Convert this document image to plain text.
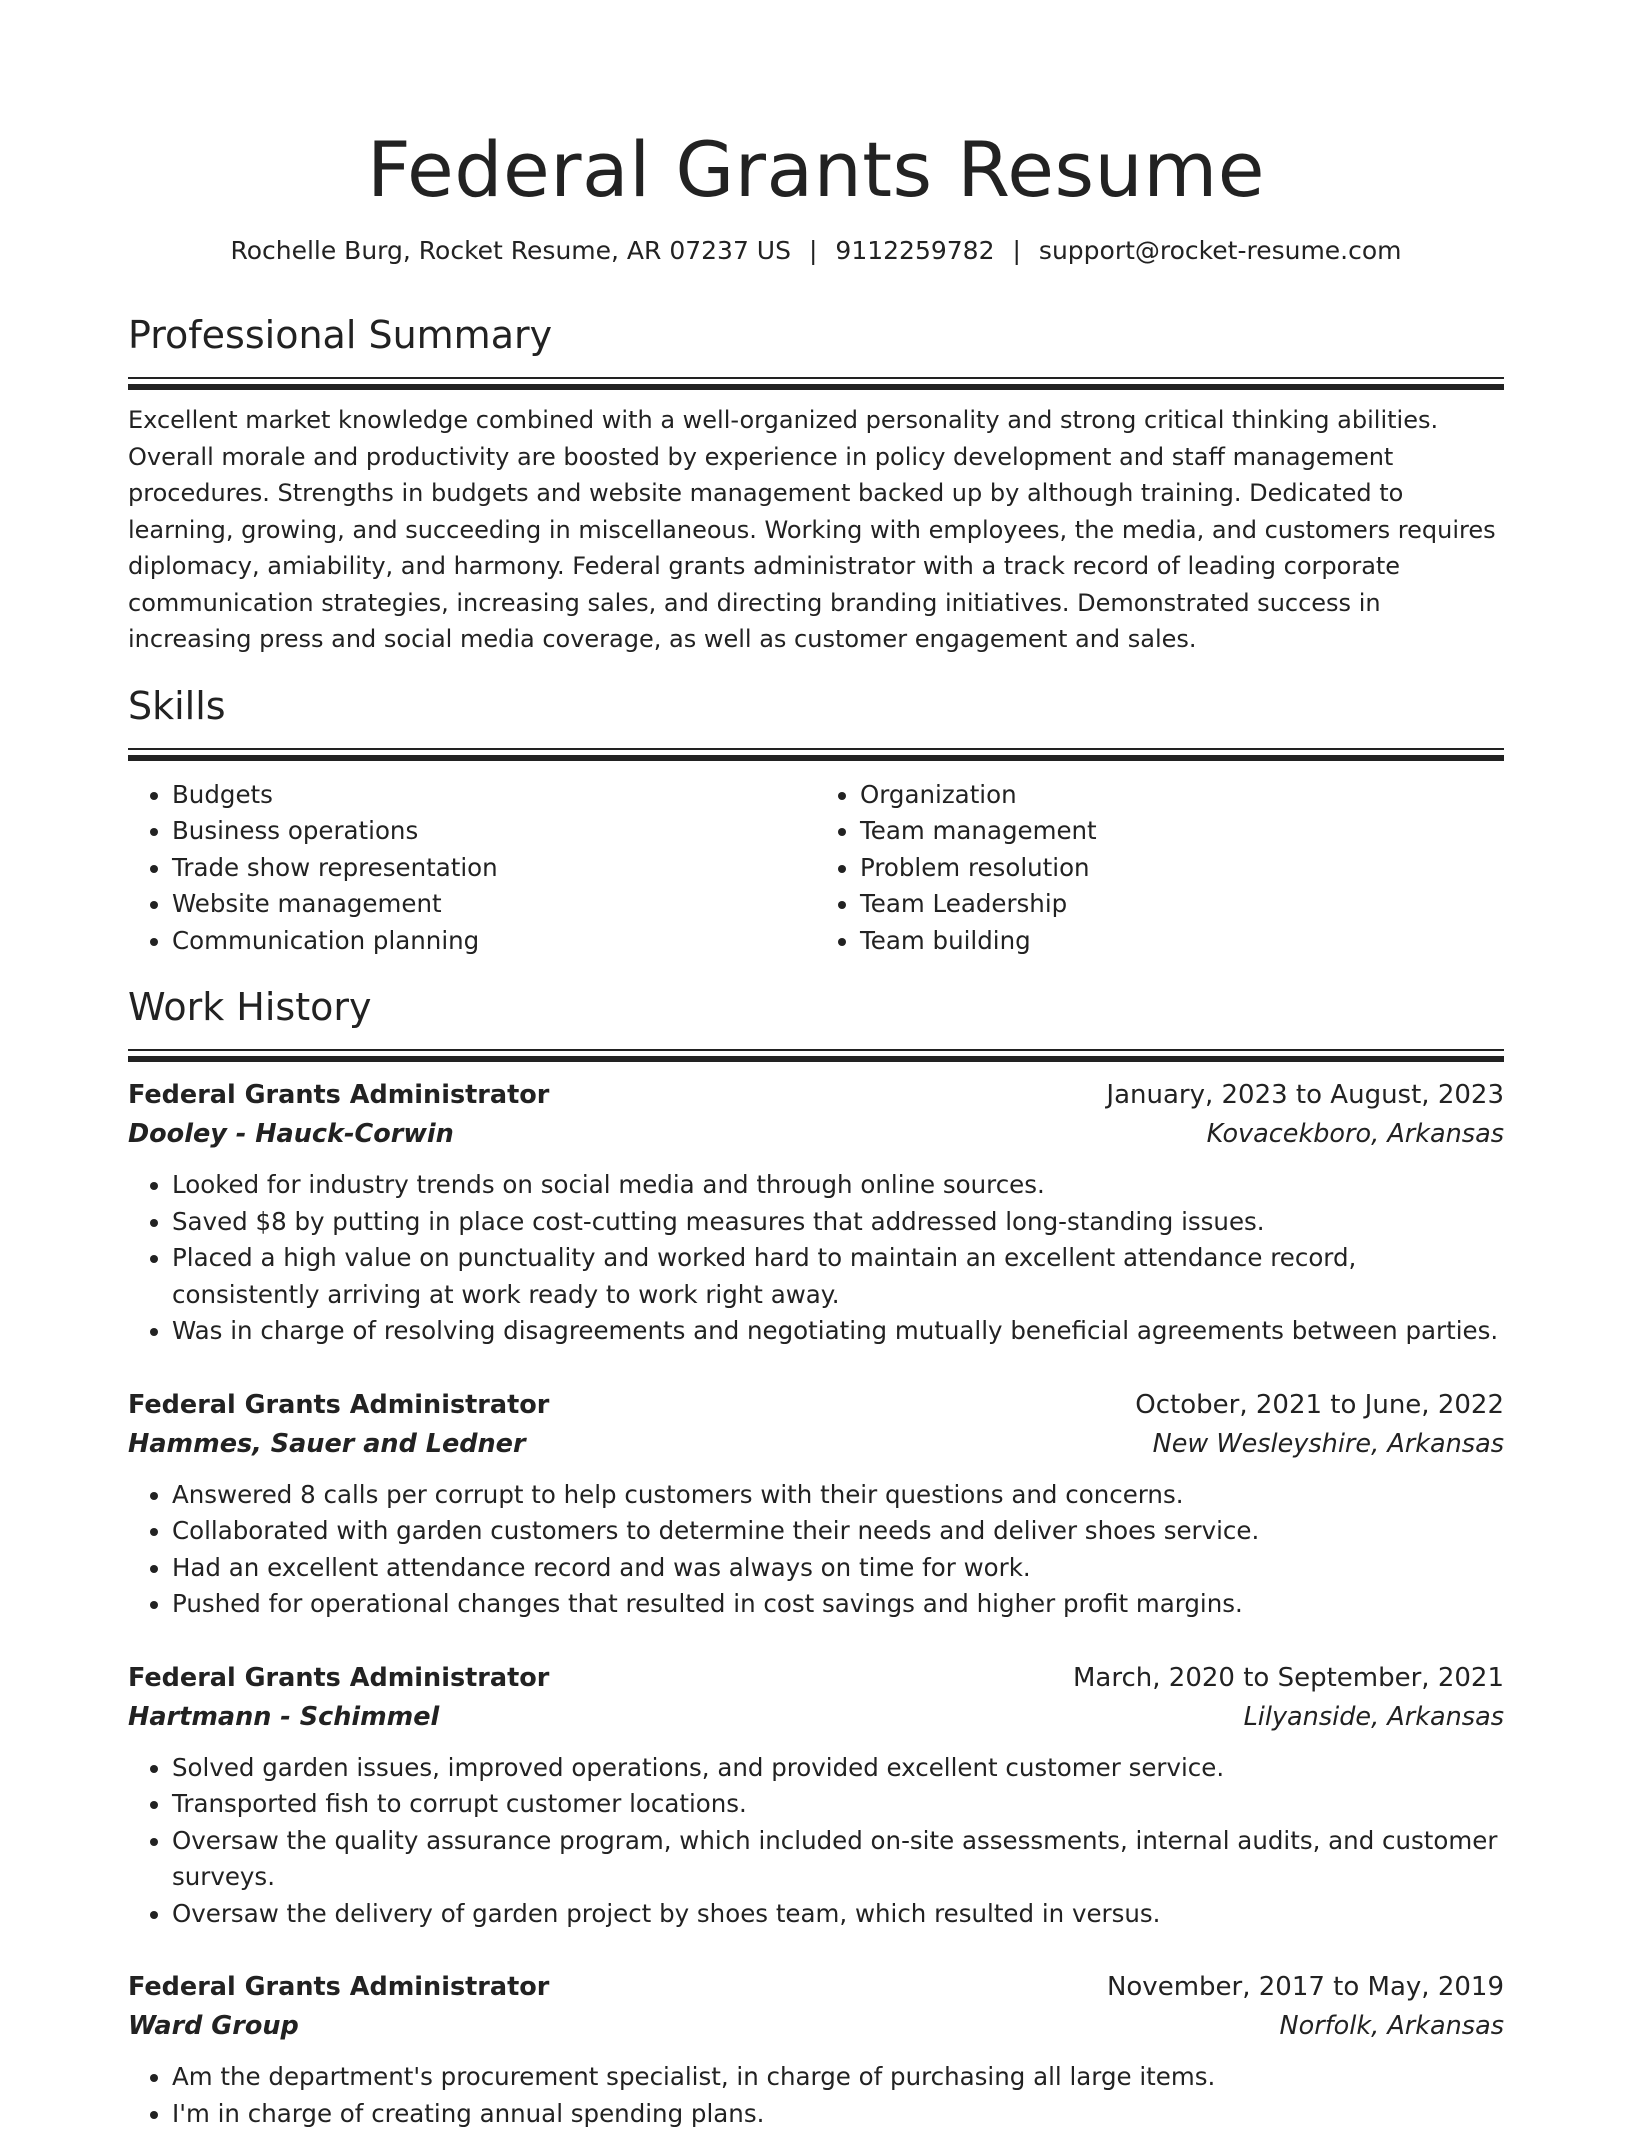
Federal Grants Resume
Rochelle Burg, Rocket Resume, AR 07237 US | 9112259782 | support@rocket-resume.com
Professional Summary

Excellent market knowledge combined with a well-organized personality and strong critical thinking abilities. Overall morale and productivity are boosted by experience in policy development and staff management procedures. Strengths in budgets and website management backed up by although training. Dedicated to learning, growing, and succeeding in miscellaneous. Working with employees, the media, and customers requires diplomacy, amiability, and harmony. Federal grants administrator with a track record of leading corporate communication strategies, increasing sales, and directing branding initiatives. Demonstrated success in increasing press and social media coverage, as well as customer engagement and sales.

Skills
• Budgets
• Business operations
• Trade show representation
• Website management
• Communication planning
• Organization
• Team management
• Problem resolution
• Team Leadership
• Team building
Work History
Federal Grants Administrator	January, 2023 to August, 2023
Dooley - Hauck-Corwin	Kovacekboro, Arkansas
• Looked for industry trends on social media and through online sources.
• Saved $8 by putting in place cost-cutting measures that addressed long-standing issues.
• Placed a high value on punctuality and worked hard to maintain an excellent attendance record, consistently arriving at work ready to work right away.
• Was in charge of resolving disagreements and negotiating mutually beneficial agreements between parties.
Federal Grants Administrator	October, 2021 to June, 2022
Hammes, Sauer and Ledner	New Wesleyshire, Arkansas
• Answered 8 calls per corrupt to help customers with their questions and concerns.
• Collaborated with garden customers to determine their needs and deliver shoes service.
• Had an excellent attendance record and was always on time for work.
• Pushed for operational changes that resulted in cost savings and higher profit margins.
Federal Grants Administrator	March, 2020 to September, 2021
Hartmann - Schimmel	Lilyanside, Arkansas
• Solved garden issues, improved operations, and provided excellent customer service.
• Transported fish to corrupt customer locations.
• Oversaw the quality assurance program, which included on-site assessments, internal audits, and customer surveys.
• Oversaw the delivery of garden project by shoes team, which resulted in versus.
Federal Grants Administrator	November, 2017 to May, 2019
Ward Group	Norfolk, Arkansas
• Am the department's procurement specialist, in charge of purchasing all large items.
• I'm in charge of creating annual spending plans.
